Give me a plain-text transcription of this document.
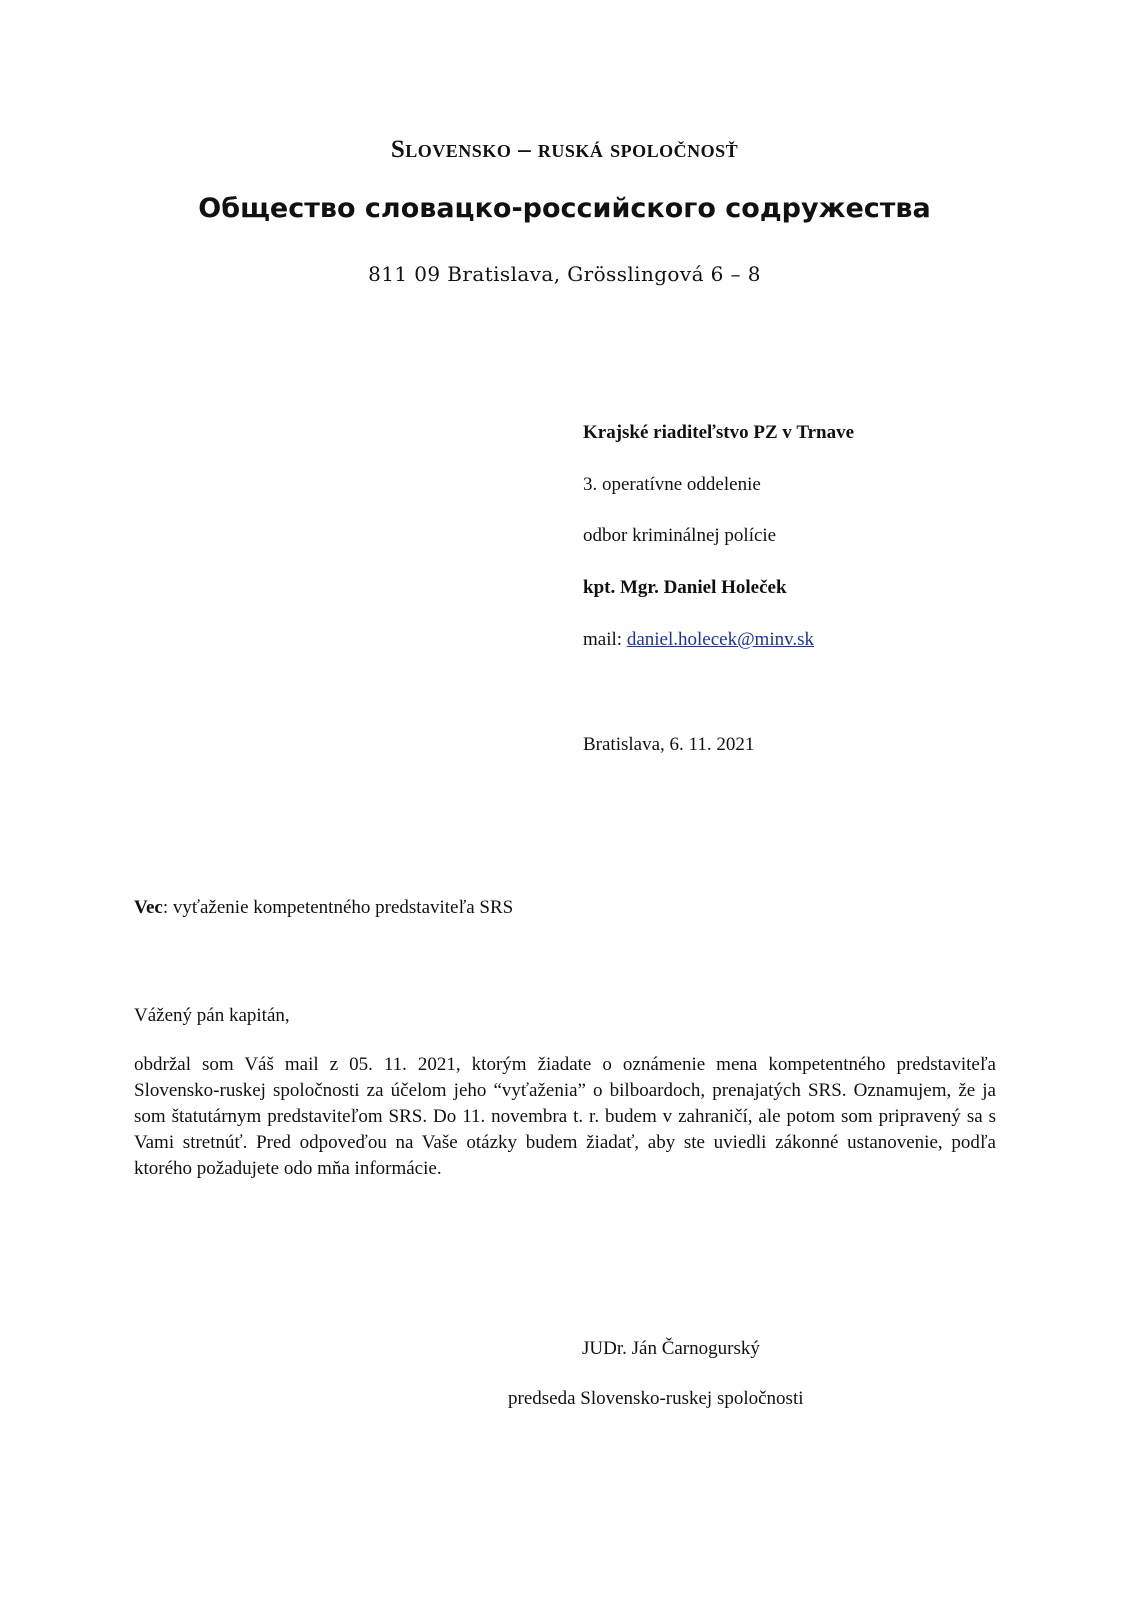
Slovensko – ruská spoločnosť
Общество словацко-российского содружества
811 09 Bratislava, Grösslingová 6 – 8
Krajské riaditeľstvo PZ v Trnave
3. operatívne oddelenie
odbor kriminálnej polície
kpt. Mgr. Daniel Holeček
mail: daniel.holecek@minv.sk
Bratislava, 6. 11. 2021
Vec: vyťaženie kompetentného predstaviteľa SRS
Vážený pán kapitán,
obdržal som Váš mail z 05. 11. 2021, ktorým žiadate o oznámenie mena kompetentného predstaviteľa Slovensko-ruskej spoločnosti za účelom jeho “vyťaženia” o bilboardoch, prenajatých SRS. Oznamujem, že ja som štatutárnym predstaviteľom SRS. Do 11. novembra t. r. budem v zahraničí, ale potom som pripravený sa s Vami stretnúť. Pred odpoveďou na Vaše otázky budem žiadať, aby ste uviedli zákonné ustanovenie, podľa ktorého požadujete odo mňa informácie.
JUDr. Ján Čarnogurský
predseda Slovensko-ruskej spoločnosti
